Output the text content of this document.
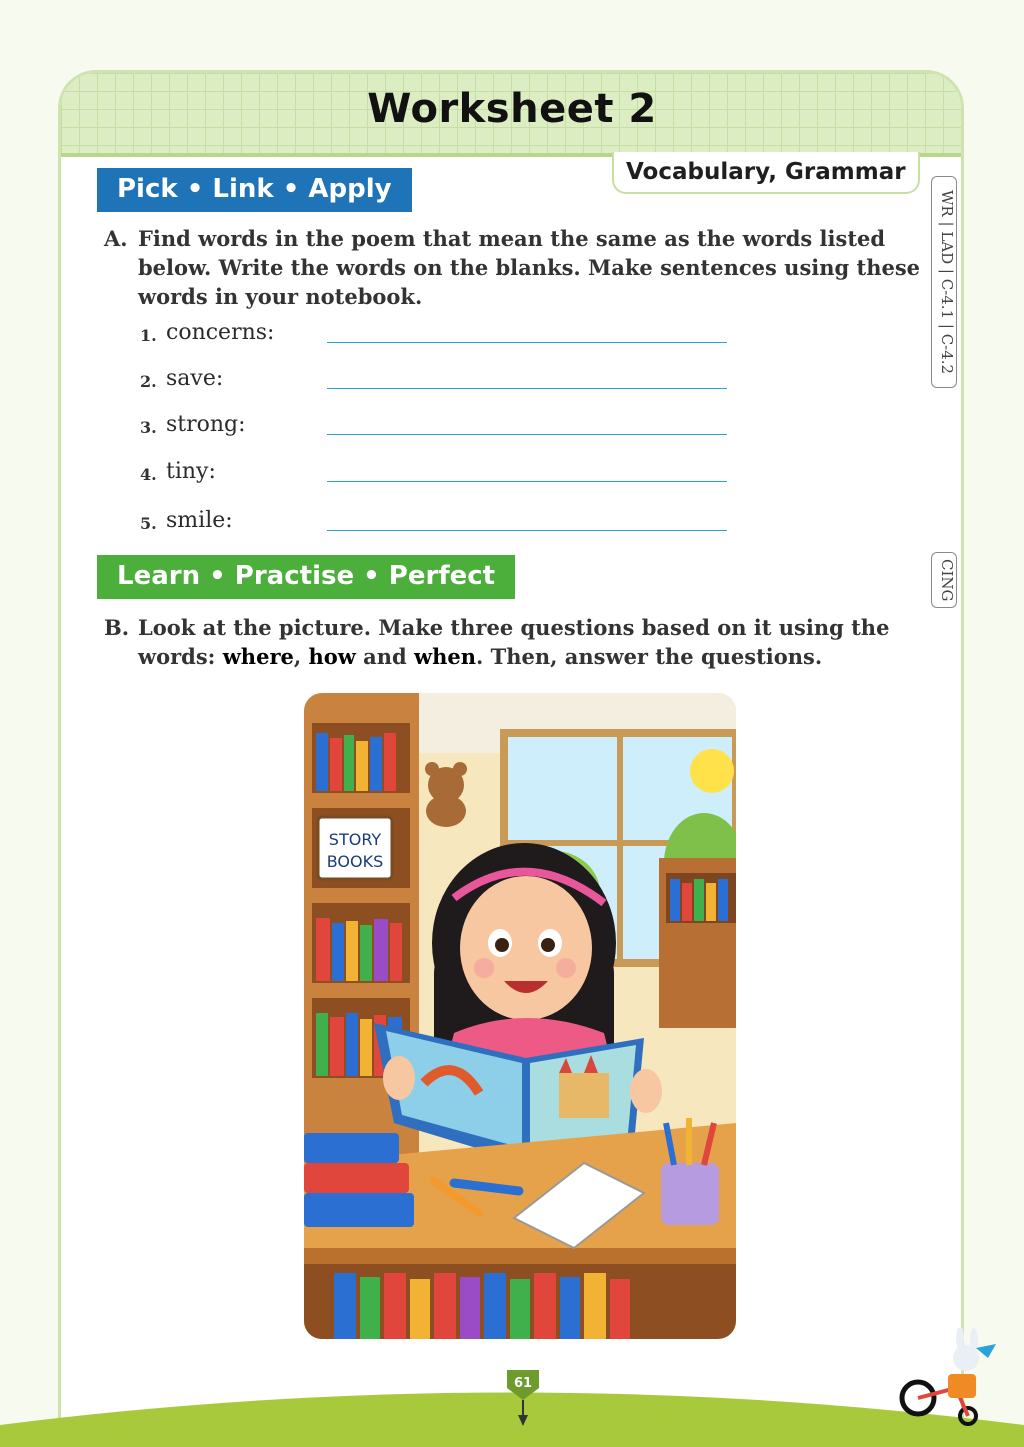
Worksheet 2
Vocabulary, Grammar
Pick • Link • Apply
WR | LAD | C-4.1 | C-4.2
CING
A. Find words in the poem that mean the same as the words listed below. Write the words on the blanks. Make sentences using these words in your notebook.
1. concerns:
2. save:
3. strong:
4. tiny:
5. smile:
Learn • Practise • Perfect
B. Look at the picture. Make three questions based on it using the words: where, how and when. Then, answer the questions.
STORY
BOOKS
61
